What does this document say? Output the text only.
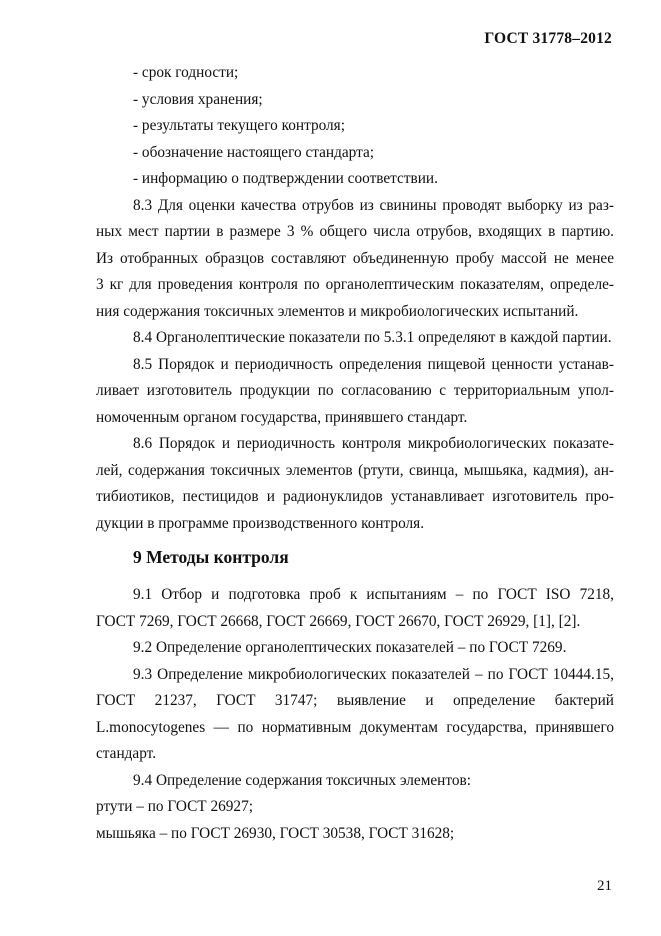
ГОСТ 31778–2012
- срок годности;
- условия хранения;
- результаты текущего контроля;
- обозначение настоящего стандарта;
- информацию о подтверждении соответствии.
8.3 Для оценки качества отрубов из свинины проводят выборку из раз-
ных мест партии в размере 3 % общего числа отрубов, входящих в партию.
Из отобранных образцов составляют объединенную пробу массой не менее
3 кг для проведения контроля по органолептическим показателям, определе-
ния содержания токсичных элементов и микробиологических испытаний.
8.4 Органолептические показатели по 5.3.1 определяют в каждой партии.
8.5 Порядок и периодичность определения пищевой ценности устанав-
ливает изготовитель продукции по согласованию с территориальным упол-
номоченным органом государства, принявшего стандарт.
8.6 Порядок и периодичность контроля микробиологических показате-
лей, содержания токсичных элементов (ртути, свинца, мышьяка, кадмия), ан-
тибиотиков, пестицидов и радионуклидов устанавливает изготовитель про-
дукции в программе производственного контроля.
9 Методы контроля
9.1 Отбор и подготовка проб к испытаниям – по ГОСТ ISO 7218,
ГОСТ 7269, ГОСТ 26668, ГОСТ 26669, ГОСТ 26670, ГОСТ 26929, [1], [2].
9.2 Определение органолептических показателей – по ГОСТ 7269.
9.3 Определение микробиологических показателей – по ГОСТ 10444.15,
ГОСТ 21237, ГОСТ 31747; выявление и определение бактерий
L.monocytogenes — по нормативным документам государства, принявшего
стандарт.
9.4 Определение содержания токсичных элементов:
ртути – по ГОСТ 26927;
мышьяка – по ГОСТ 26930, ГОСТ 30538, ГОСТ 31628;
21
